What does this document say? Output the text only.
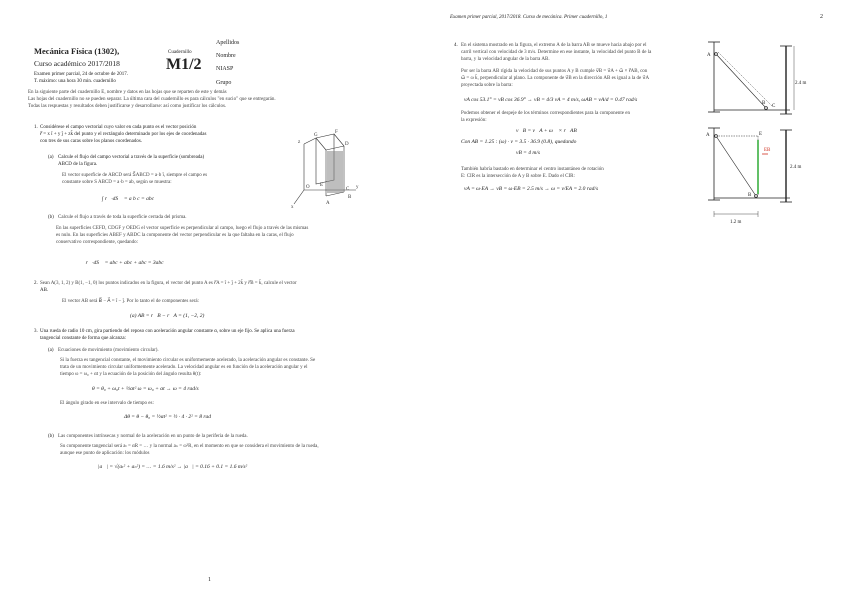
Mecánica Física (1302),
Curso académico 2017/2018
Examen primer parcial, 24 de octubre de 2017.
T. máximo: una hora 30 min. cuadernillo
Cuadernillo
M1/2
Apellidos
Nombre
NIASP
Grupo
En la siguiente parte del cuadernillo E, nombre y datos en las hojas que se reparten de este y demás
Las hojas del cuadernillo no se pueden separar. La última cara del cuadernillo es para cálculos "en sucio" que se entregarán.
Todas las respuestas y resultados deben justificarse y desarrollarse: así como justificar los cálculos.
1. Considérese el campo vectorial cuyo valor en cada punto es el vector posición
r⃗ = x î + y ĵ + zk̂ del punto y el rectángulo determinado por los ejes de coordenadas
con tres de sus caras sobre los planos coordenados.
(a) Calcule el flujo del campo vectorial a través de la superficie (sombreada)
ABCD de la figura.
El vector superficie de ABCD será S⃗ABCD = a·b î, siempre el campo es
constante sobre S ABCD = a·b = ab, según se muestra:
∫ r⃗·dS⃗ = a b c = abc
(b) Calcule el flujo a través de toda la superficie cerrada del prisma.
En las superficies CEFD, CDGF y OEDG el vector superficie es perpendicular al campo, luego el flujo a través de las mismas
es nulo. En las superficies ABEF y ABDC la componente del vector perpendicular es la que faltaba en la caras, el flujo
conservativo correspondiente, quedando:
∮ r⃗·dS⃗ = abc + abc + abc = 3abc
z
G
F
D
C
O E
A
B
y
x
2. Sean A(3, 1, 2) y B(1, −1, 0) los puntos indicados en la figura, el vector del punto A es r⃗A = î + ĵ + 2k̂ y r⃗B = k̂, calcule el vector
AB.
El vector AB será B⃗ − A⃗ = î − ĵ. Por lo tanto el de componentes será:
(a) AB = r⃗B − r⃗A = (1, −2, 2)
3. Una rueda de radio 10 cm, gira partiendo del reposo con aceleración angular constante α, sobre un eje fijo. Se aplica una fuerza
tangencial constante de forma que alcanza:
(a) Ecuaciones de movimiento (movimiento circular).
Si la fuerza es tangencial constante, el movimiento circular es uniformemente acelerado, la aceleración angular es constante. Se
trata de un movimiento circular uniformemente acelerado. La velocidad angular es en función de la aceleración angular y el
tiempo ω = ω₀ + αt y la ecuación de la posición del ángulo resulta θ(t):
θ = θ₀ + ω₀t + ½αt² ω = ω₀ + αt → ω = 4 rad/s
El ángulo girado en ese intervalo de tiempo es:
Δθ = θ − θ₀ = ½αt² = ½ · 4 · 2² = 8 rad
(b) Las componentes intrínsecas y normal de la aceleración en un punto de la periferia de la rueda.
Su componente tangencial será aₜ = αR = … y la normal aₙ = ω²R, en el momento en que se considera el movimiento de la rueda,
aunque ese punto de aplicación: los módulos
|a⃗| = √(aₜ² + aₙ²) = … = 1.6 m/s² → |a⃗| = 0.16 + 0.1 = 1.6 m/s²
1
Examen primer parcial, 2017/2018. Curso de mecánica. Primer cuadernillo, 1	2
4. En el sistema mostrado en la figura, el extremo A de la barra AB se mueve hacia abajo por el
carril vertical con velocidad de 3 m/s. Determine en ese instante, la velocidad del punto B de la
barra, y la velocidad angular de la barra AB.
Por ser la barra AB rígida la velocidad de sus puntos A y B cumple v⃗B = v⃗A + ω⃗ × r⃗AB, con
ω⃗ = ω k̂, perpendicular al plano. La componente de v⃗B en la dirección AB es igual a la de v⃗A
proyectada sobre la barra:
vA cos 53.1° = vB cos 36.9° → vB = 4/3 vA = 4 m/s, ωAB = vA/d = 0.47 rad/s
Podemos obtener el despeje de los términos correspondientes para la componente en
la expresión:
v⃗B = v⃗A + ω⃗ × r⃗AB
Con AB = 1.25 : (ω) · v = 3.5 · 36.9 (0.8), quedando
vB = 4 m/s
También habría bastado en determinar el centro instantáneo de rotación
E: CIR es la intersección de A y B sobre E. Dado el CIR:
vA = ω·EA → vB = ω·EB = 2.5 m/s → ω = v/EA = 2.0 rad/s
A
B
C
2.4 m
A
B
E
EB
2.4 m
1.2 m
